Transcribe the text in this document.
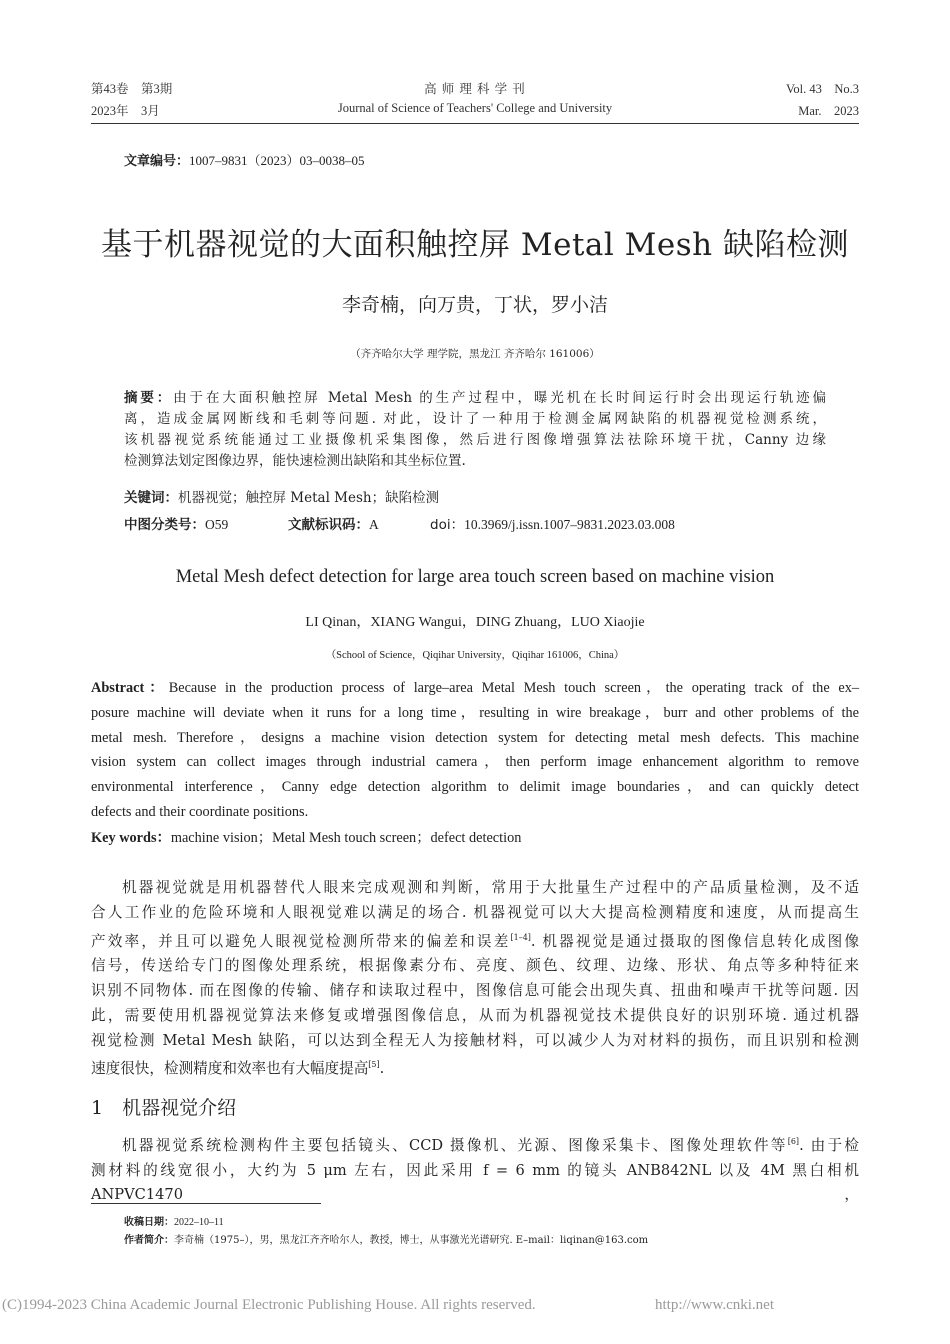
第43卷　第3期
2023年　3月
高 师 理 科 学 刊
Journal of Science of Teachers' College and University
Vol. 43　No.3
Mar.　2023
文章编号：1007–9831（2023）03–0038–05
基于机器视觉的大面积触控屏 Metal Mesh 缺陷检测
李奇楠，向万贵，丁状，罗小洁
（齐齐哈尔大学 理学院，黑龙江 齐齐哈尔 161006）
摘要：由于在大面积触控屏 Metal Mesh 的生产过程中，曝光机在长时间运行时会出现运行轨迹偏
离，造成金属网断线和毛刺等问题. 对此，设计了一种用于检测金属网缺陷的机器视觉检测系统，
该机器视觉系统能通过工业摄像机采集图像，然后进行图像增强算法祛除环境干扰，Canny 边缘
检测算法划定图像边界，能快速检测出缺陷和其坐标位置.
关键词：机器视觉；触控屏 Metal Mesh；缺陷检测
中图分类号：O59	文献标识码：A	doi：10.3969/j.issn.1007–9831.2023.03.008
Metal Mesh defect detection for large area touch screen based on machine vision
LI Qinan，XIANG Wangui，DING Zhuang，LUO Xiaojie
（School of Science，Qiqihar University，Qiqihar 161006，China）
Abstract：Because in the production process of large–area Metal Mesh touch screen，the operating track of the ex–
posure machine will deviate when it runs for a long time，resulting in wire breakage，burr and other problems of the
metal mesh. Therefore，designs a machine vision detection system for detecting metal mesh defects. This machine
vision system can collect images through industrial camera，then perform image enhancement algorithm to remove
environmental interference，Canny edge detection algorithm to delimit image boundaries，and can quickly detect
defects and their coordinate positions.
Key words：machine vision；Metal Mesh touch screen；defect detection
机器视觉就是用机器替代人眼来完成观测和判断，常用于大批量生产过程中的产品质量检测，及不适
合人工作业的危险环境和人眼视觉难以满足的场合. 机器视觉可以大大提高检测精度和速度，从而提高生
产效率，并且可以避免人眼视觉检测所带来的偏差和误差[1–4]. 机器视觉是通过摄取的图像信息转化成图像
信号，传送给专门的图像处理系统，根据像素分布、亮度、颜色、纹理、边缘、形状、角点等多种特征来
识别不同物体. 而在图像的传输、储存和读取过程中，图像信息可能会出现失真、扭曲和噪声干扰等问题. 因
此，需要使用机器视觉算法来修复或增强图像信息，从而为机器视觉技术提供良好的识别环境. 通过机器
视觉检测 Metal Mesh 缺陷，可以达到全程无人为接触材料，可以减少人为对材料的损伤，而且识别和检测
速度很快，检测精度和效率也有大幅度提高[5].
1　机器视觉介绍
机器视觉系统检测构件主要包括镜头、CCD 摄像机、光源、图像采集卡、图像处理软件等[6]. 由于检
测材料的线宽很小，大约为 5 μm 左右，因此采用 f = 6 mm 的镜头 ANB842NL 以及 4M 黑白相机 ANPVC1470，
收稿日期：2022–10–11
作者简介：李奇楠（1975–），男，黑龙江齐齐哈尔人，教授，博士，从事激光光谱研究. E–mail：liqinan@163.com
(C)1994-2023 China Academic Journal Electronic Publishing House. All rights reserved.	http://www.cnki.net
